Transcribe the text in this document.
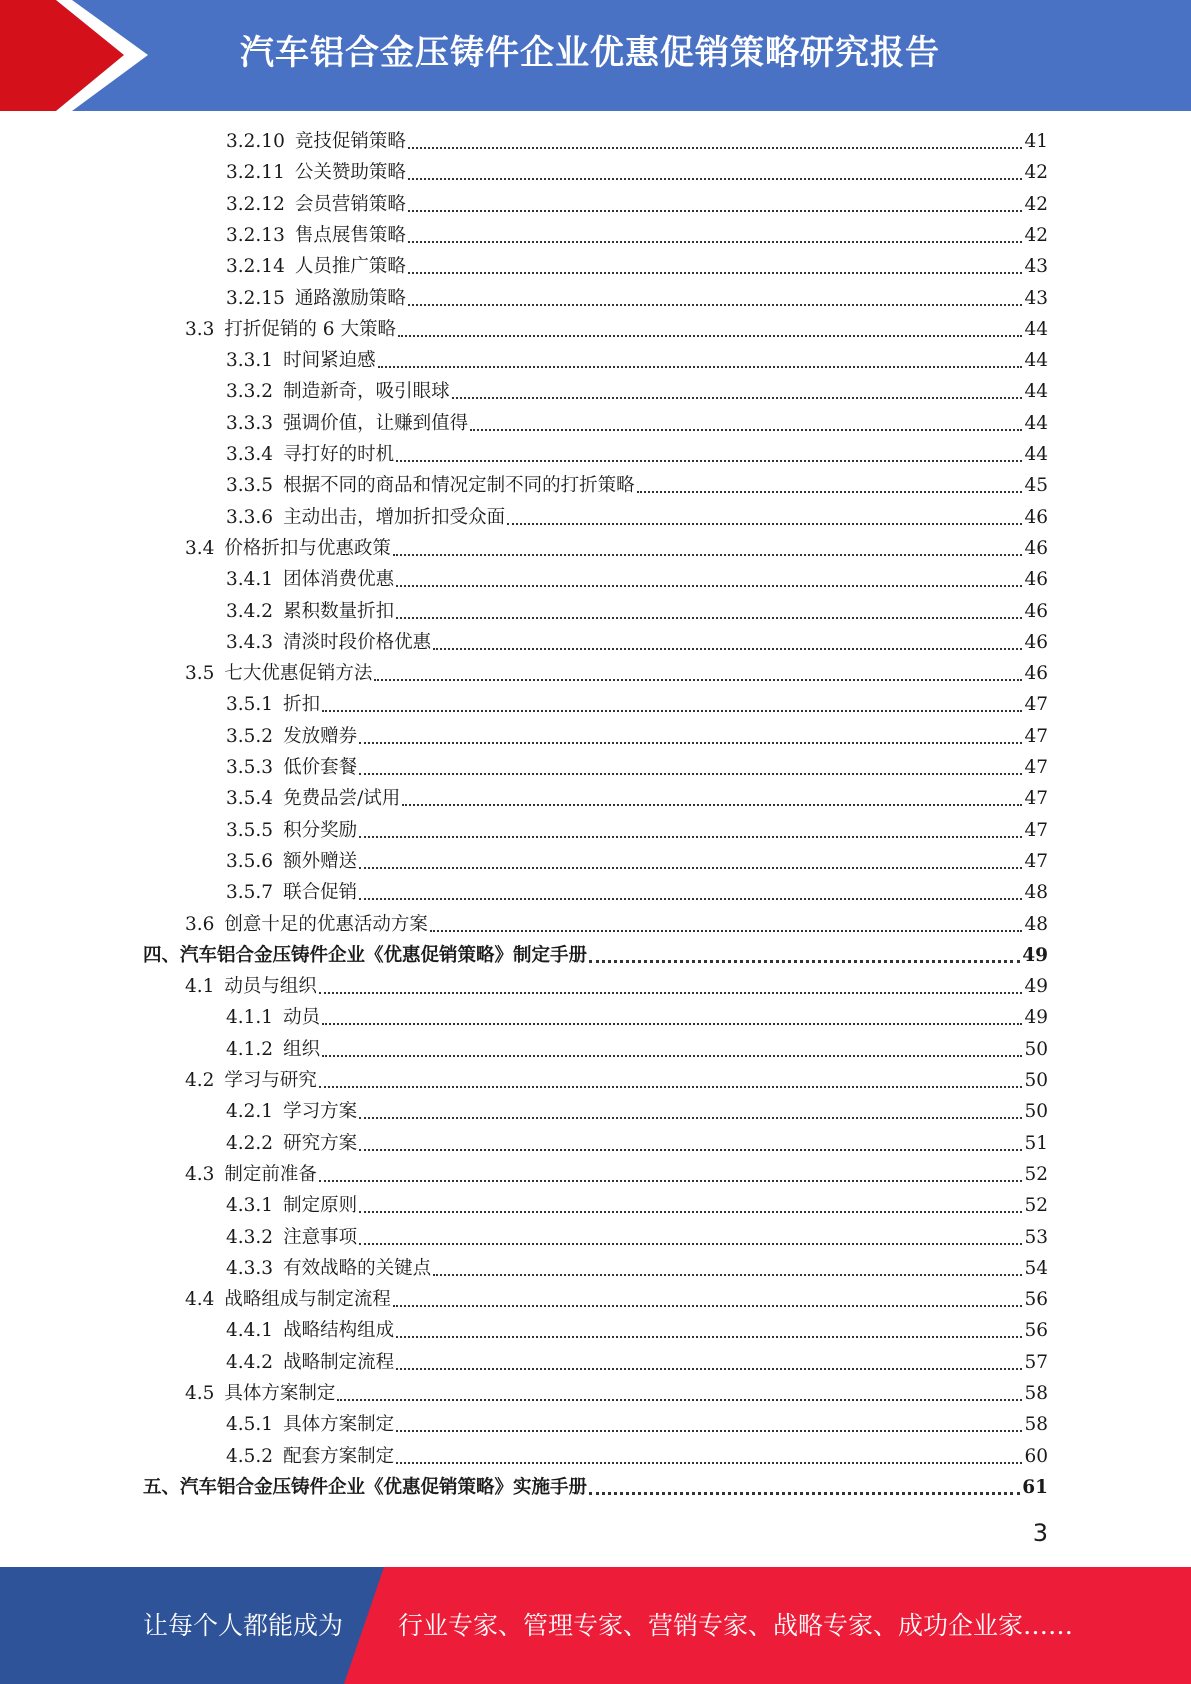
汽车铝合金压铸件企业优惠促销策略研究报告
3.2.10 竞技促销策略	41
3.2.11 公关赞助策略	42
3.2.12 会员营销策略	42
3.2.13 售点展售策略	42
3.2.14 人员推广策略	43
3.2.15 通路激励策略	43
3.3 打折促销的 6 大策略	44
3.3.1 时间紧迫感	44
3.3.2 制造新奇，吸引眼球	44
3.3.3 强调价值，让赚到值得	44
3.3.4 寻打好的时机	44
3.3.5 根据不同的商品和情况定制不同的打折策略	45
3.3.6 主动出击，增加折扣受众面	46
3.4 价格折扣与优惠政策	46
3.4.1 团体消费优惠	46
3.4.2 累积数量折扣	46
3.4.3 清淡时段价格优惠	46
3.5 七大优惠促销方法	46
3.5.1 折扣	47
3.5.2 发放赠券	47
3.5.3 低价套餐	47
3.5.4 免费品尝/试用	47
3.5.5 积分奖励	47
3.5.6 额外赠送	47
3.5.7 联合促销	48
3.6 创意十足的优惠活动方案	48
四、汽车铝合金压铸件企业《优惠促销策略》制定手册	49
4.1 动员与组织	49
4.1.1 动员	49
4.1.2 组织	50
4.2 学习与研究	50
4.2.1 学习方案	50
4.2.2 研究方案	51
4.3 制定前准备	52
4.3.1 制定原则	52
4.3.2 注意事项	53
4.3.3 有效战略的关键点	54
4.4 战略组成与制定流程	56
4.4.1 战略结构组成	56
4.4.2 战略制定流程	57
4.5 具体方案制定	58
4.5.1 具体方案制定	58
4.5.2 配套方案制定	60
五、汽车铝合金压铸件企业《优惠促销策略》实施手册	61
3
让每个人都能成为 行业专家、管理专家、营销专家、战略专家、成功企业家……
